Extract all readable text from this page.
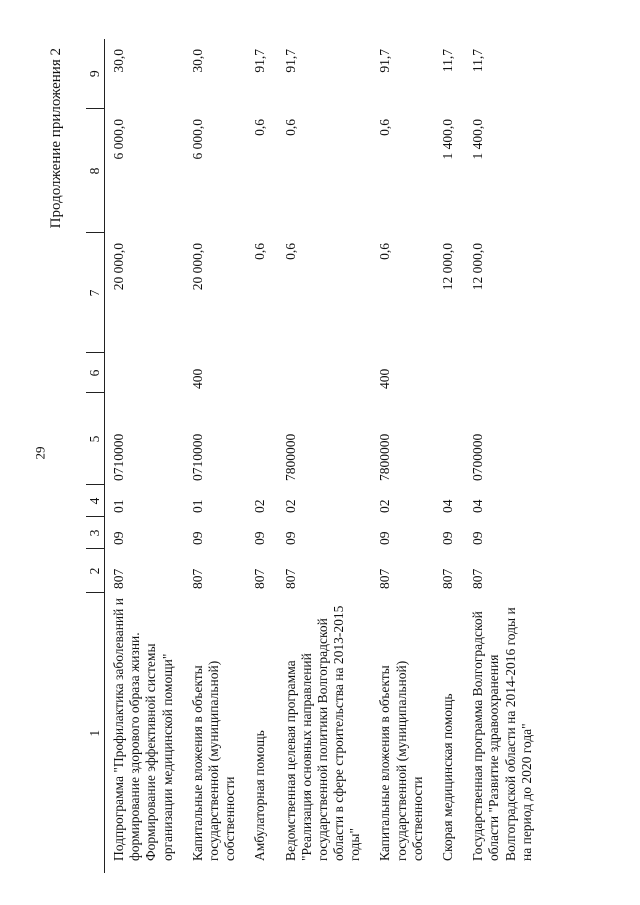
29
Продолжение приложения 2
1	2	3	4	5	6	7	8	9
Подпрограмма "Профилактика заболеваний и формирование здорового образа жизни. Формирование эффективной системы организации медицинской помощи"	807	09	01	0710000		20 000,0	6 000,0	30,0
Капитальные вложения в объекты государственной (муниципальной) собственности	807	09	01	0710000	400	20 000,0	6 000,0	30,0
Амбулаторная помощь	807	09	02			0,6	0,6	91,7
Ведомственная целевая программа "Реализация основных направлений государственной политики Волгоградской области в сфере строительства на 2013-2015 годы"	807	09	02	7800000		0,6	0,6	91,7
Капитальные вложения в объекты государственной (муниципальной) собственности	807	09	02	7800000	400	0,6	0,6	91,7
Скорая медицинская помощь	807	09	04			12 000,0	1 400,0	11,7
Государственная программа Волгоградской области "Развитие здравоохранения Волгоградской области на 2014-2016 годы и на период до 2020 года"	807	09	04	0700000		12 000,0	1 400,0	11,7
